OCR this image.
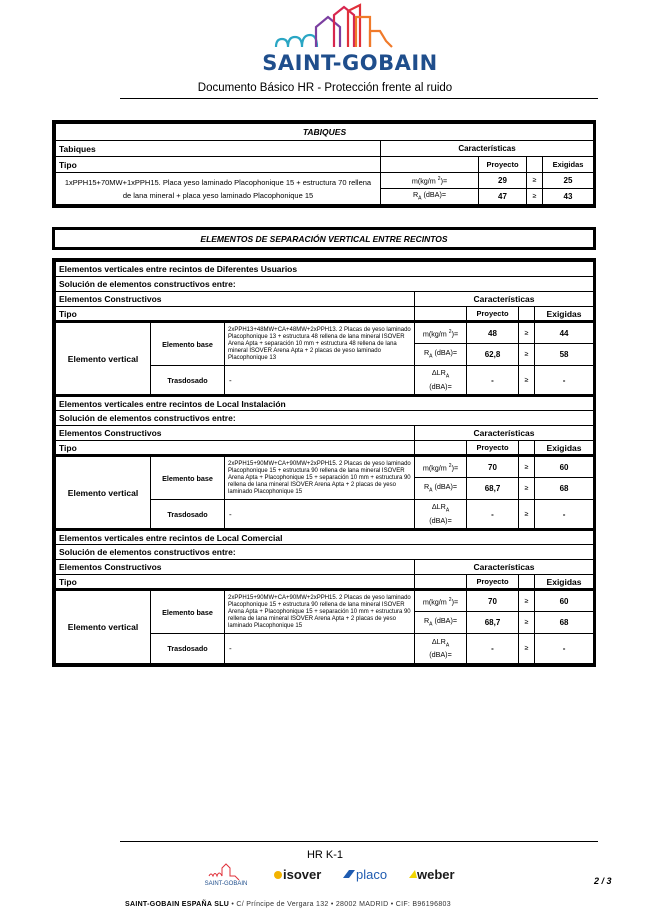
SAINT-GOBAIN
Documento Básico HR - Protección frente al ruido
TABIQUES				
Tabiques	Características			
Tipo		Proyecto		Exigidas
1xPPH15+70MW+1xPPH15. Placa yeso laminado Placophonique 15 + estructura 70 rellena de lana mineral + placa yeso laminado Placophonique 15	m(kg/m $^2$)=	29	≥	25
	$R_A$ (dBA)=	47	≥	43
ELEMENTOS DE SEPARACIÓN VERTICAL ENTRE RECINTOS
Elementos verticales entre recintos de Diferentes Usuarios						
Solución de elementos constructivos entre:						
Elementos Constructivos			Características			
Tipo				Proyecto		Exigidas
Elemento vertical	Elemento base	2xPPH13+48MW+CA+48MW+2xPPH13. 2 Placas de yeso laminado Placophonique 13 + estructura 48 rellena de lana mineral ISOVER Arena Apta + separación 10 mm + estructura 48 rellena de lana mineral ISOVER Arena Apta + 2 placas de yeso laminado Placophonique 13	m(kg/m $^2$)=	48	≥	44
			$R_A$ (dBA)=	62,8	≥	58
	Trasdosado	-	$\Delta LR_A$
(dBA)=	-	≥	-
Elementos verticales entre recintos de Local Instalación						
Solución de elementos constructivos entre:						
Elementos Constructivos			Características			
Tipo				Proyecto		Exigidas
Elemento vertical	Elemento base	2xPPH15+90MW+CA+90MW+2xPPH15. 2 Placas de yeso laminado Placophonique 15 + estructura 90 rellena de lana mineral ISOVER Arena Apta + Placophonique 15 + separación 10 mm + estructura 90 rellena de lana mineral ISOVER Arena Apta + 2 placas de yeso laminado Placophonique 15	m(kg/m $^2$)=	70	≥	60
			$R_A$ (dBA)=	68,7	≥	68
	Trasdosado	-	$\Delta LR_A$
(dBA)=	-	≥	-
Elementos verticales entre recintos de Local Comercial						
Solución de elementos constructivos entre:						
Elementos Constructivos			Características			
Tipo				Proyecto		Exigidas
Elemento vertical	Elemento base	2xPPH15+90MW+CA+90MW+2xPPH15. 2 Placas de yeso laminado Placophonique 15 + estructura 90 rellena de lana mineral ISOVER Arena Apta + Placophonique 15 + separación 10 mm + estructura 90 rellena de lana mineral ISOVER Arena Apta + 2 placas de yeso laminado Placophonique 15	m(kg/m $^2$)=	70	≥	60
			$R_A$ (dBA)=	68,7	≥	68
	Trasdosado	-	$\Delta LR_A$
(dBA)=	-	≥	-
HR K-1
SAINT-GOBAIN
isover	placo weber	2 / 3
SAINT-GOBAIN ESPAÑA SLU • C/ Príncipe de Vergara 132 • 28002 MADRID • CIF: B96196803
